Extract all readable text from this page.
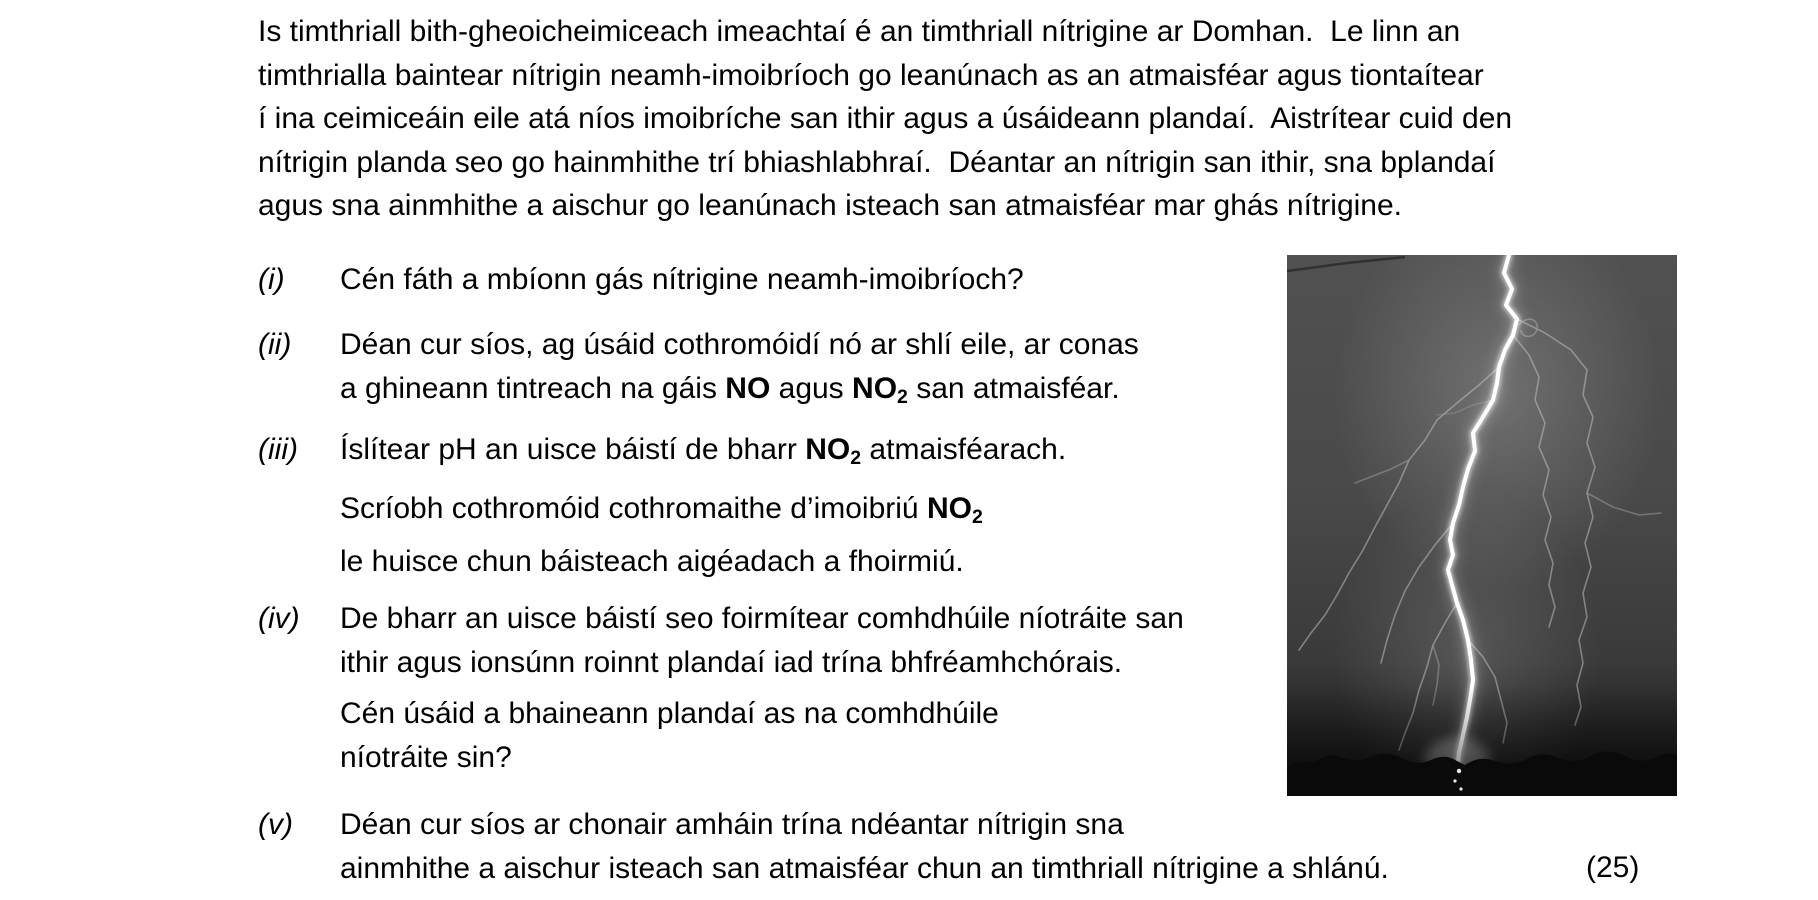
Is timthriall bith-gheoicheimiceach imeachtaí é an timthriall nítrigine ar Domhan.  Le linn an
timthrialla baintear nítrigin neamh-imoibríoch go leanúnach as an atmaisféar agus tiontaítear
í ina ceimiceáin eile atá níos imoibríche san ithir agus a úsáideann plandaí.  Aistrítear cuid den
nítrigin planda seo go hainmhithe trí bhiashlabhraí.  Déantar an nítrigin san ithir, sna bplandaí
agus sna ainmhithe a aischur go leanúnach isteach san atmaisféar mar ghás nítrigine.
(i) Cén fáth a mbíonn gás nítrigine neamh-imoibríoch?
(ii) Déan cur síos, ag úsáid cothromóidí nó ar shlí eile, ar conas
a ghineann tintreach na gáis NO agus $NO_2$ san atmaisféar.
(iii) Íslítear pH an uisce báistí de bharr $NO_2$ atmaisféarach.
Scríobh cothromóid cothromaithe d’imoibriú $NO_2$
le huisce chun báisteach aigéadach a fhoirmiú.
(iv) De bharr an uisce báistí seo foirmítear comhdhúile níotráite san
ithir agus ionsúnn roinnt plandaí iad trína bhfréamhchórais.
Cén úsáid a bhaineann plandaí as na comhdhúile
níotráite sin?
(v) Déan cur síos ar chonair amháin trína ndéantar nítrigin sna
ainmhithe a aischur isteach san atmaisféar chun an timthriall nítrigine a shlánú.	(25)
